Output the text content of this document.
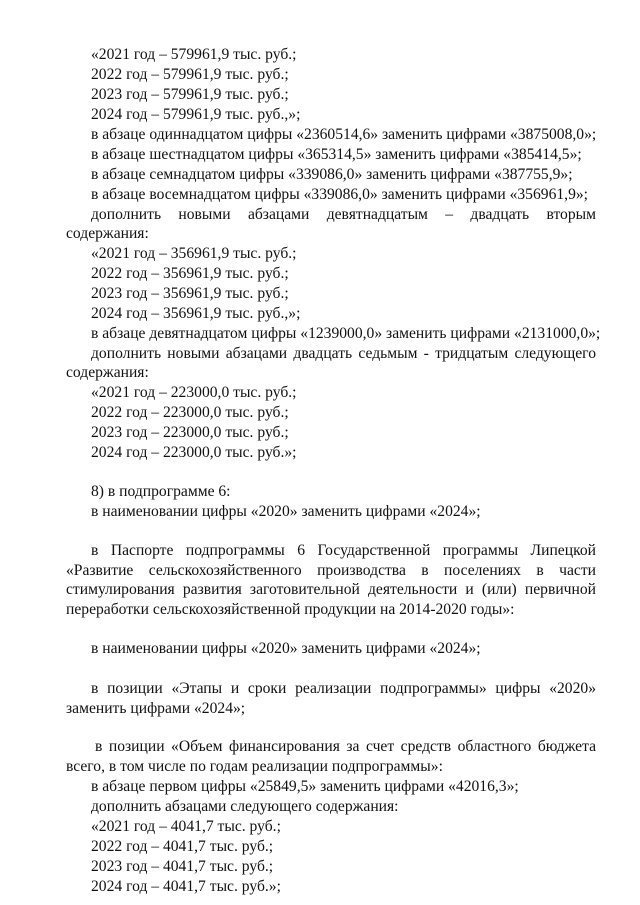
«2021 год – 579961,9 тыс. руб.;
2022 год – 579961,9 тыс. руб.;
2023 год – 579961,9 тыс. руб.;
2024 год – 579961,9 тыс. руб.,»;
в абзаце одиннадцатом цифры «2360514,6» заменить цифрами «3875008,0»;
в абзаце шестнадцатом цифры «365314,5» заменить цифрами «385414,5»;
в абзаце семнадцатом цифры «339086,0» заменить цифрами «387755,9»;
в абзаце восемнадцатом цифры «339086,0» заменить цифрами «356961,9»;
дополнить новыми абзацами девятнадцатым – двадцать вторым
содержания:
«2021 год – 356961,9 тыс. руб.;
2022 год – 356961,9 тыс. руб.;
2023 год – 356961,9 тыс. руб.;
2024 год – 356961,9 тыс. руб.,»;
в абзаце девятнадцатом цифры «1239000,0» заменить цифрами «2131000,0»;
дополнить новыми абзацами двадцать седьмым - тридцатым следующего
содержания:
«2021 год – 223000,0 тыс. руб.;
2022 год – 223000,0 тыс. руб.;
2023 год – 223000,0 тыс. руб.;
2024 год – 223000,0 тыс. руб.»;
8) в подпрограмме 6:
в наименовании цифры «2020» заменить цифрами «2024»;
в Паспорте подпрограммы 6 Государственной программы Липецкой
«Развитие сельскохозяйственного производства в поселениях в части
стимулирования развития заготовительной деятельности и (или) первичной
переработки сельскохозяйственной продукции на 2014-2020 годы»:
в наименовании цифры «2020» заменить цифрами «2024»;
в позиции «Этапы и сроки реализации подпрограммы» цифры «2020»
заменить цифрами «2024»;
в позиции «Объем финансирования за счет средств областного бюджета
всего, в том числе по годам реализации подпрограммы»:
в абзаце первом цифры «25849,5» заменить цифрами «42016,3»;
дополнить абзацами следующего содержания:
«2021 год – 4041,7 тыс. руб.;
2022 год – 4041,7 тыс. руб.;
2023 год – 4041,7 тыс. руб.;
2024 год – 4041,7 тыс. руб.»;
